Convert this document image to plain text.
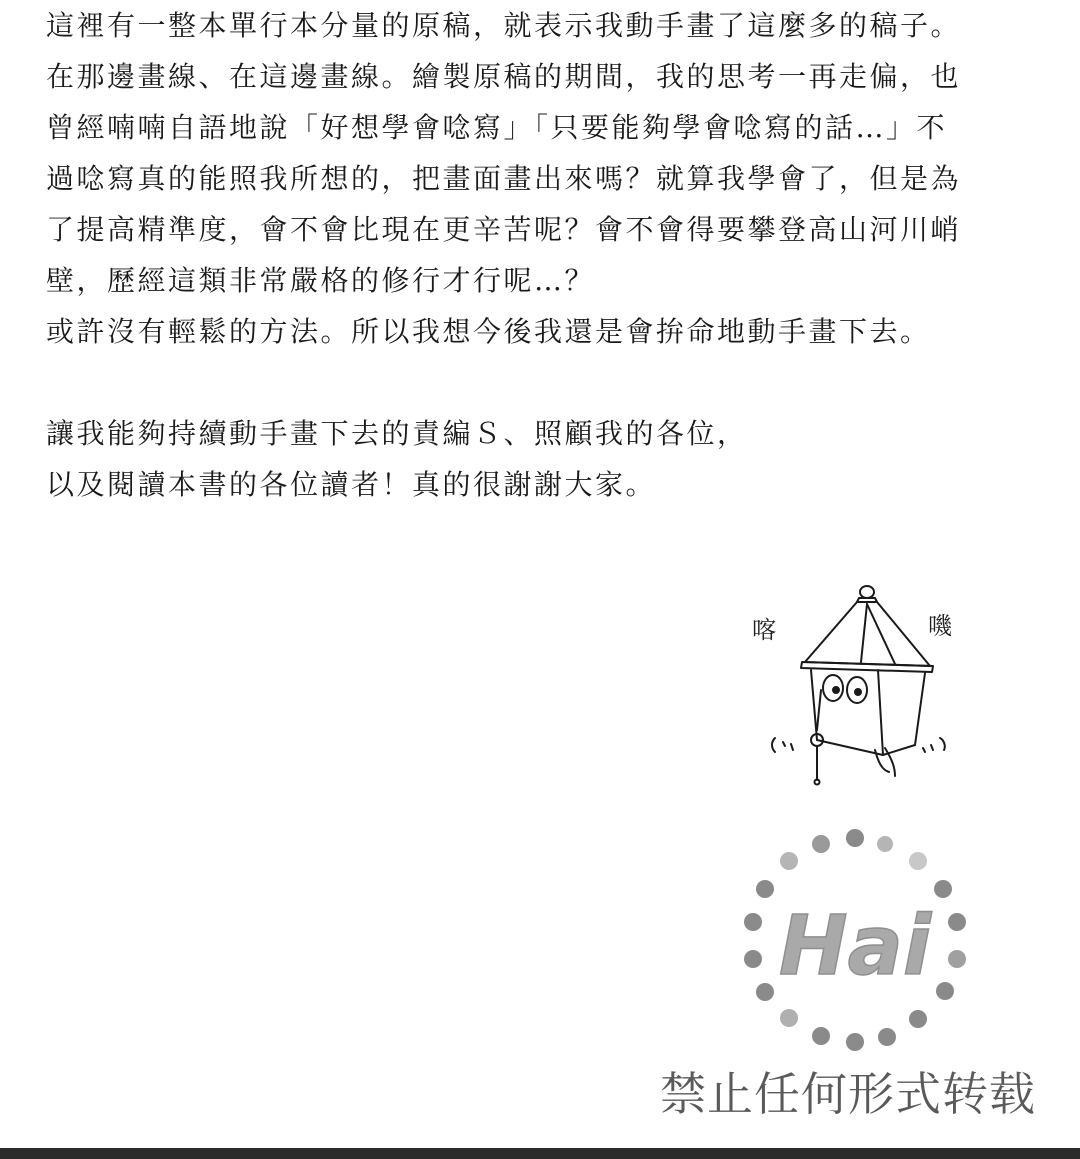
這裡有一整本單行本分量的原稿，就表示我動手畫了這麼多的稿子。
在那邊畫線、在這邊畫線。繪製原稿的期間，我的思考一再走偏，也
曾經喃喃自語地說「好想學會唸寫」「只要能夠學會唸寫的話…」不
過唸寫真的能照我所想的，把畫面畫出來嗎？就算我學會了，但是為
了提高精準度，會不會比現在更辛苦呢？會不會得要攀登高山河川峭
壁，歷經這類非常嚴格的修行才行呢…？
或許沒有輕鬆的方法。所以我想今後我還是會拚命地動手畫下去。
讓我能夠持續動手畫下去的責編Ｓ、照顧我的各位，
以及閱讀本書的各位讀者！真的很謝謝大家。
喀	嘰
Hai
禁止任何形式转载
